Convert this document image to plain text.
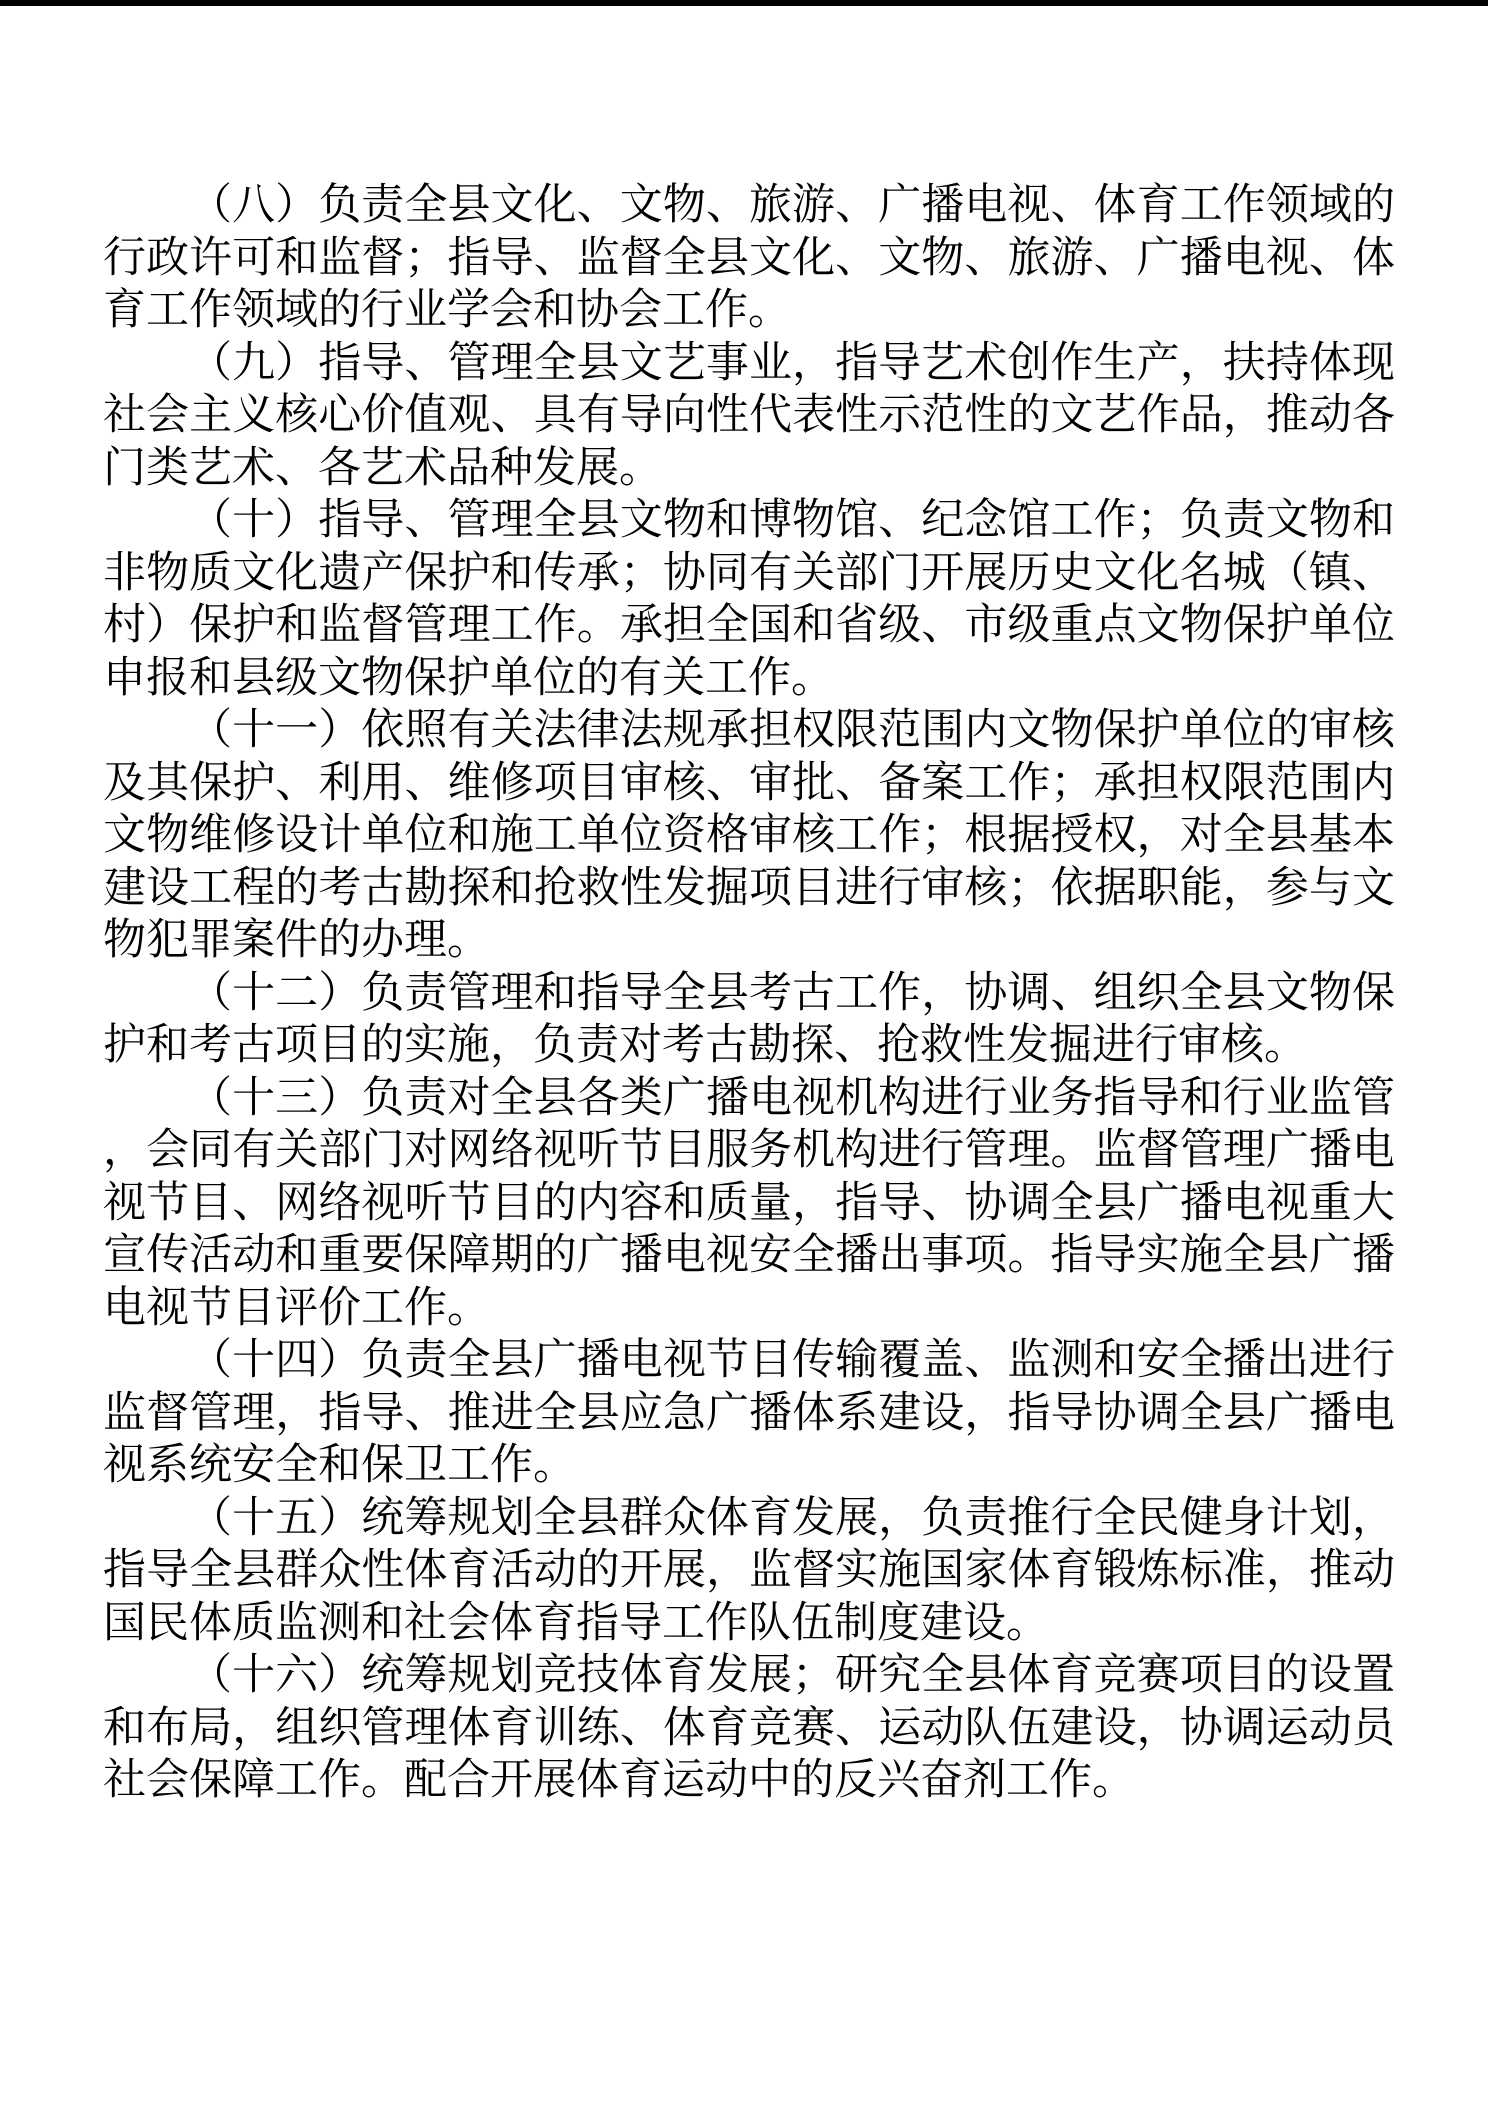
（八）负责全县文化、文物、旅游、广播电视、体育工作领域的
行政许可和监督；指导、监督全县文化、文物、旅游、广播电视、体
育工作领域的行业学会和协会工作。

（九）指导、管理全县文艺事业，指导艺术创作生产，扶持体现
社会主义核心价值观、具有导向性代表性示范性的文艺作品，推动各
门类艺术、各艺术品种发展。

（十）指导、管理全县文物和博物馆、纪念馆工作；负责文物和
非物质文化遗产保护和传承；协同有关部门开展历史文化名城（镇、
村）保护和监督管理工作。承担全国和省级、市级重点文物保护单位
申报和县级文物保护单位的有关工作。

（十一）依照有关法律法规承担权限范围内文物保护单位的审核
及其保护、利用、维修项目审核、审批、备案工作；承担权限范围内
文物维修设计单位和施工单位资格审核工作；根据授权，对全县基本
建设工程的考古勘探和抢救性发掘项目进行审核；依据职能，参与文
物犯罪案件的办理。

（十二）负责管理和指导全县考古工作，协调、组织全县文物保
护和考古项目的实施，负责对考古勘探、抢救性发掘进行审核。

（十三）负责对全县各类广播电视机构进行业务指导和行业监管
，会同有关部门对网络视听节目服务机构进行管理。监督管理广播电
视节目、网络视听节目的内容和质量，指导、协调全县广播电视重大
宣传活动和重要保障期的广播电视安全播出事项。指导实施全县广播
电视节目评价工作。

（十四）负责全县广播电视节目传输覆盖、监测和安全播出进行
监督管理，指导、推进全县应急广播体系建设，指导协调全县广播电
视系统安全和保卫工作。

（十五）统筹规划全县群众体育发展，负责推行全民健身计划，
指导全县群众性体育活动的开展，监督实施国家体育锻炼标准，推动
国民体质监测和社会体育指导工作队伍制度建设。

（十六）统筹规划竞技体育发展；研究全县体育竞赛项目的设置
和布局，组织管理体育训练、体育竞赛、运动队伍建设，协调运动员
社会保障工作。配合开展体育运动中的反兴奋剂工作。
